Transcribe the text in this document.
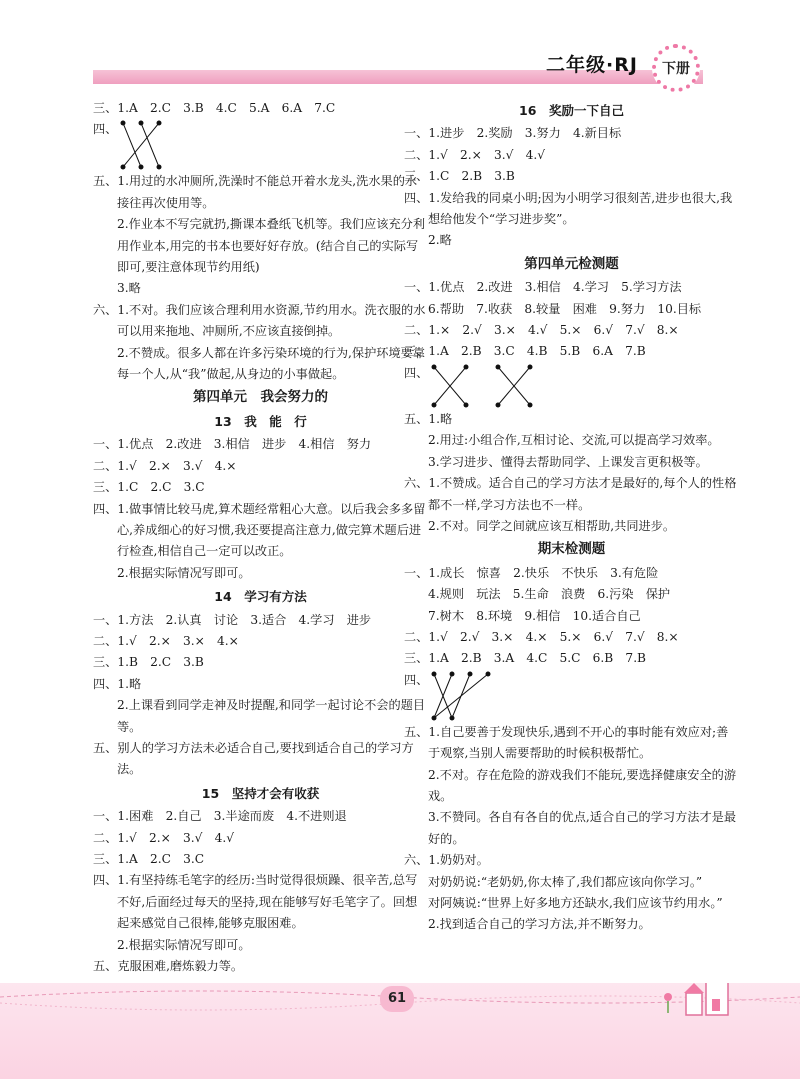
二年级·RJ 下册
三、1.A　2.C　3.B　4.C　5.A　6.A　7.C
四、
五、1.用过的水冲厕所,洗澡时不能总开着水龙头,洗水果的水接往再次使用等。
2.作业本不写完就扔,撕课本叠纸飞机等。我们应该充分利用作业本,用完的书本也要好好存放。(结合自己的实际写即可,要注意体现节约用纸)
3.略
六、1.不对。我们应该合理利用水资源,节约用水。洗衣服的水可以用来拖地、冲厕所,不应该直接倒掉。
2.不赞成。很多人都在许多污染环境的行为,保护环境要靠每一个人,从“我”做起,从身边的小事做起。
第四单元　我会努力的
13　我　能　行
一、1.优点　2.改进　3.相信　进步　4.相信　努力
二、1.√　2.×　3.√　4.×
三、1.C　2.C　3.C
四、1.做事情比较马虎,算术题经常粗心大意。以后我会多多留心,养成细心的好习惯,我还要提高注意力,做完算术题后进行检查,相信自己一定可以改正。
2.根据实际情况写即可。
14　学习有方法
一、1.方法　2.认真　讨论　3.适合　4.学习　进步
二、1.√　2.×　3.×　4.×
三、1.B　2.C　3.B
四、1.略
2.上课看到同学走神及时提醒,和同学一起讨论不会的题目等。
五、别人的学习方法未必适合自己,要找到适合自己的学习方法。
15　坚持才会有收获
一、1.困难　2.自己　3.半途而废　4.不进则退
二、1.√　2.×　3.√　4.√
三、1.A　2.C　3.C
四、1.有坚持练毛笔字的经历:当时觉得很烦躁、很辛苦,总写不好,后面经过每天的坚持,现在能够写好毛笔字了。回想起来感觉自己很棒,能够克服困难。
2.根据实际情况写即可。
五、克服困难,磨炼毅力等。
16　奖励一下自己
一、1.进步　2.奖励　3.努力　4.新目标
二、1.√　2.×　3.√　4.√
三、1.C　2.B　3.B
四、1.发给我的同桌小明;因为小明学习很刻苦,进步也很大,我想给他发个“学习进步奖”。
2.略
第四单元检测题
一、1.优点　2.改进　3.相信　4.学习　5.学习方法
6.帮助　7.收获　8.较量　困难　9.努力　10.目标
二、1.×　2.√　3.×　4.√　5.×　6.√　7.√　8.×
三、1.A　2.B　3.C　4.B　5.B　6.A　7.B
四、
五、1.略
2.用过:小组合作,互相讨论、交流,可以提高学习效率。
3.学习进步、懂得去帮助同学、上课发言更积极等。
六、1.不赞成。适合自己的学习方法才是最好的,每个人的性格都不一样,学习方法也不一样。
2.不对。同学之间就应该互相帮助,共同进步。
期末检测题
一、1.成长　惊喜　2.快乐　不快乐　3.有危险
4.规则　玩法　5.生命　浪费　6.污染　保护
7.树木　8.环境　9.相信　10.适合自己
二、1.√　2.√　3.×　4.×　5.×　6.√　7.√　8.×
三、1.A　2.B　3.A　4.C　5.C　6.B　7.B
四、
五、1.自己要善于发现快乐,遇到不开心的事时能有效应对;善于观察,当别人需要帮助的时候积极帮忙。
2.不对。存在危险的游戏我们不能玩,要选择健康安全的游戏。
3.不赞同。各自有各自的优点,适合自己的学习方法才是最好的。
六、1.奶奶对。
对奶奶说:“老奶奶,你太棒了,我们都应该向你学习。”
对阿姨说:“世界上好多地方还缺水,我们应该节约用水。”
2.找到适合自己的学习方法,并不断努力。
61
